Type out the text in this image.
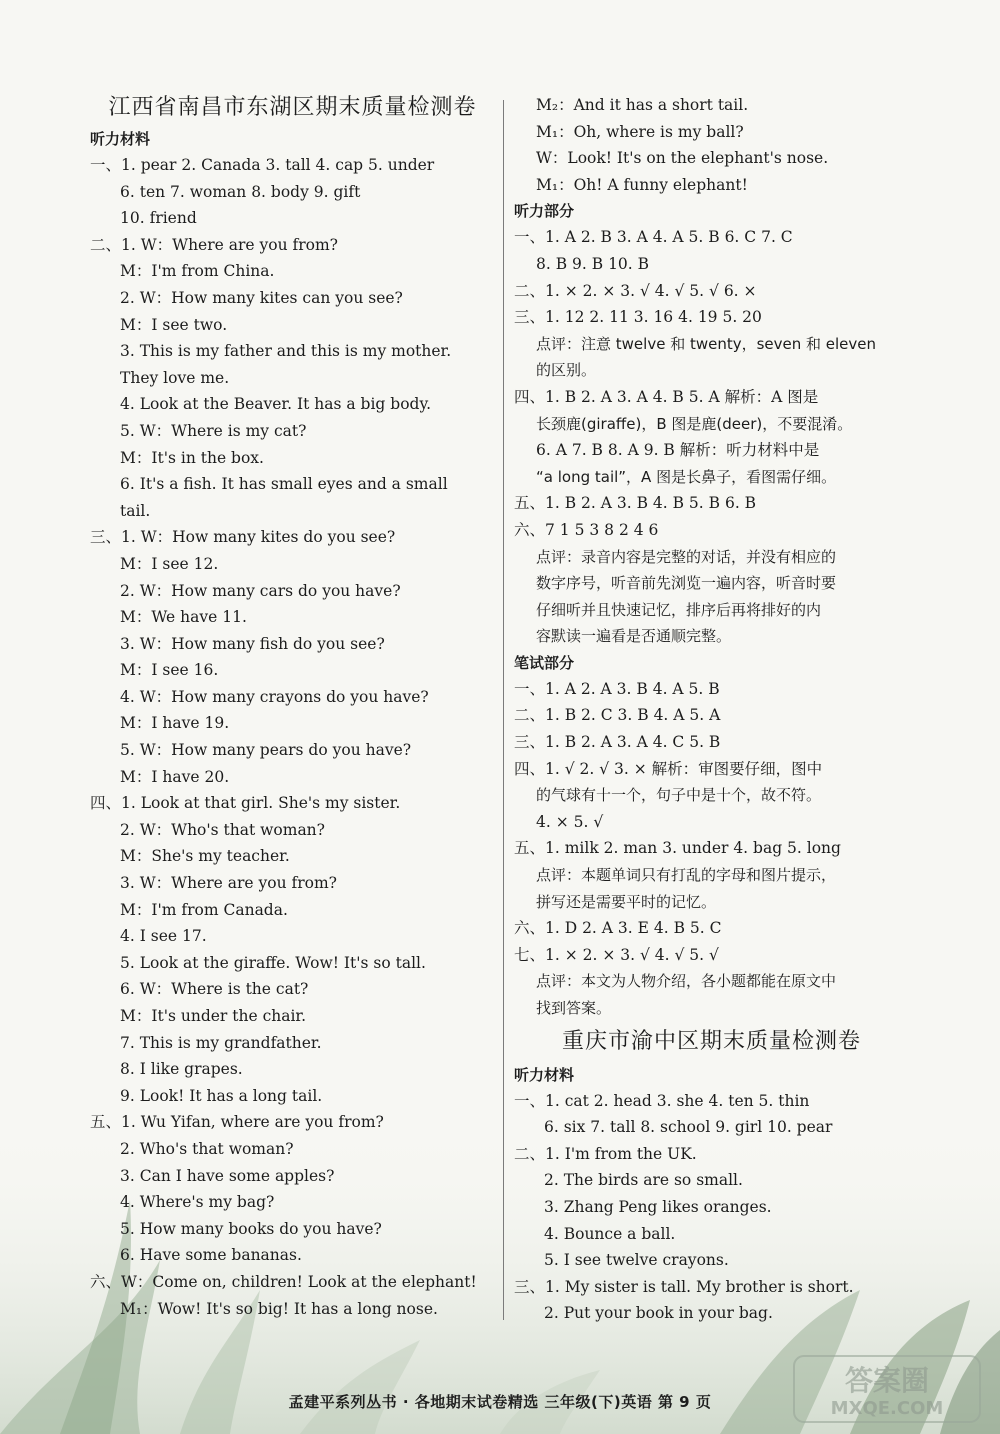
江西省南昌市东湖区期末质量检测卷
听力材料
一、1. pear 2. Canada 3. tall 4. cap 5. under
6. ten 7. woman 8. body 9. gift
10. friend
二、1. W：Where are you from?
M：I'm from China.
2. W：How many kites can you see?
M：I see two.
3. This is my father and this is my mother.
They love me.
4. Look at the Beaver. It has a big body.
5. W：Where is my cat?
M：It's in the box.
6. It's a fish. It has small eyes and a small
tail.
三、1. W：How many kites do you see?
M：I see 12.
2. W：How many cars do you have?
M：We have 11.
3. W：How many fish do you see?
M：I see 16.
4. W：How many crayons do you have?
M：I have 19.
5. W：How many pears do you have?
M：I have 20.
四、1. Look at that girl. She's my sister.
2. W：Who's that woman?
M：She's my teacher.
3. W：Where are you from?
M：I'm from Canada.
4. I see 17.
5. Look at the giraffe. Wow! It's so tall.
6. W：Where is the cat?
M：It's under the chair.
7. This is my grandfather.
8. I like grapes.
9. Look! It has a long tail.
五、1. Wu Yifan, where are you from?
2. Who's that woman?
3. Can I have some apples?
4. Where's my bag?
5. How many books do you have?
6. Have some bananas.
六、W：Come on, children! Look at the elephant!
M₁：Wow! It's so big! It has a long nose.
M₂：And it has a short tail.
M₁：Oh, where is my ball?
W：Look! It's on the elephant's nose.
M₁：Oh! A funny elephant!
听力部分
一、1. A 2. B 3. A 4. A 5. B 6. C 7. C
8. B 9. B 10. B
二、1. × 2. × 3. √ 4. √ 5. √ 6. ×
三、1. 12 2. 11 3. 16 4. 19 5. 20
点评：注意 twelve 和 twenty，seven 和 eleven
的区别。
四、1. B 2. A 3. A 4. B 5. A 解析：A 图是
长颈鹿(giraffe)，B 图是鹿(deer)，不要混淆。
6. A 7. B 8. A 9. B 解析：听力材料中是
“a long tail”，A 图是长鼻子，看图需仔细。
五、1. B 2. A 3. B 4. B 5. B 6. B
六、7 1 5 3 8 2 4 6
点评：录音内容是完整的对话，并没有相应的
数字序号，听音前先浏览一遍内容，听音时要
仔细听并且快速记忆，排序后再将排好的内
容默读一遍看是否通顺完整。
笔试部分
一、1. A 2. A 3. B 4. A 5. B
二、1. B 2. C 3. B 4. A 5. A
三、1. B 2. A 3. A 4. C 5. B
四、1. √ 2. √ 3. × 解析：审图要仔细，图中
的气球有十一个，句子中是十个，故不符。
4. × 5. √
五、1. milk 2. man 3. under 4. bag 5. long
点评：本题单词只有打乱的字母和图片提示，
拼写还是需要平时的记忆。
六、1. D 2. A 3. E 4. B 5. C
七、1. × 2. × 3. √ 4. √ 5. √
点评：本文为人物介绍，各小题都能在原文中
找到答案。
重庆市渝中区期末质量检测卷
听力材料
一、1. cat 2. head 3. she 4. ten 5. thin
6. six 7. tall 8. school 9. girl 10. pear
二、1. I'm from the UK.
2. The birds are so small.
3. Zhang Peng likes oranges.
4. Bounce a ball.
5. I see twelve crayons.
三、1. My sister is tall. My brother is short.
2. Put your book in your bag.
孟建平系列丛书 · 各地期末试卷精选 三年级(下)英语 第 9 页
答案圈
MXQE.COM
